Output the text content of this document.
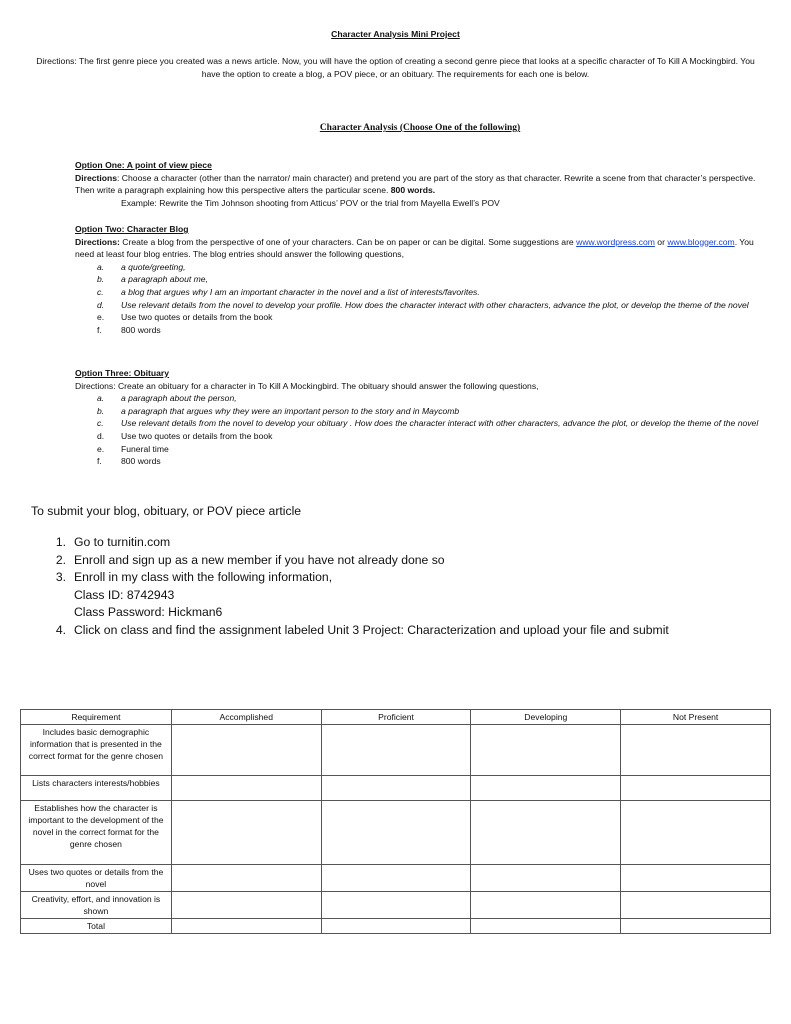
Character Analysis Mini Project
Directions: The first genre piece you created was a news article. Now, you will have the option of creating a second genre piece that looks at a specific character of To Kill A Mockingbird. You have the option to create a blog, a POV piece, or an obituary. The requirements for each one is below.
Character Analysis (Choose One of the following)
Option One: A point of view piece
Directions: Choose a character (other than the narrator/ main character) and pretend you are part of the story as that character. Rewrite a scene from that character’s perspective. Then write a paragraph explaining how this perspective alters the particular scene. 800 words.
Example: Rewrite the Tim Johnson shooting from Atticus’ POV or the trial from Mayella Ewell’s POV
Option Two: Character Blog
Directions: Create a blog from the perspective of one of your characters. Can be on paper or can be digital. Some suggestions are www.wordpress.com or www.blogger.com. You need at least four blog entries. The blog entries should answer the following questions,
a. a quote/greeting,
b. a paragraph about me,
c. a blog that argues why I am an important character in the novel and a list of interests/favorites.
d. Use relevant details from the novel to develop your profile. How does the character interact with other characters, advance the plot, or develop the theme of the novel
e. Use two quotes or details from the book
f. 800 words
Option Three: Obituary
Directions: Create an obituary for a character in To Kill A Mockingbird. The obituary should answer the following questions,
a. a paragraph about the person,
b. a paragraph that argues why they were an important person to the story and in Maycomb
c. Use relevant details from the novel to develop your obituary . How does the character interact with other characters, advance the plot, or develop the theme of the novel
d. Use two quotes or details from the book
e. Funeral time
f. 800 words
To submit your blog, obituary, or POV piece article
1. Go to turnitin.com
2. Enroll and sign up as a new member if you have not already done so
3. Enroll in my class with the following information,
Class ID: 8742943
Class Password: Hickman6
4. Click on class and find the assignment labeled Unit 3 Project: Characterization and upload your file and submit
Requirement	Accomplished	Proficient	Developing	Not Present
Includes basic demographic information that is presented in the correct format for the genre chosen				
Lists characters interests/hobbies				
Establishes how the character is important to the development of the novel in the correct format for the genre chosen				
Uses two quotes or details from the novel				
Creativity, effort, and innovation is shown				
Total				
